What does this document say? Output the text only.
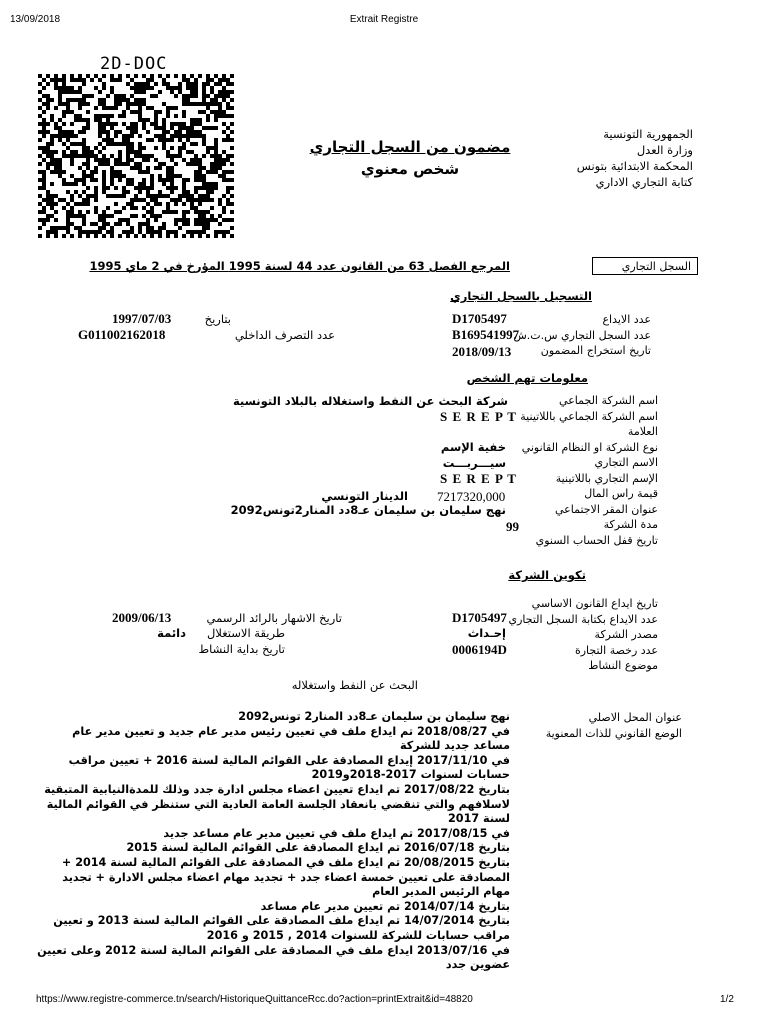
13/09/2018	Extrait Registre
https://www.registre-commerce.tn/search/HistoriqueQuittanceRcc.do?action=printExtrait&id=48820	1/2
2D-DOC
الجمهورية التونسية
وزارة العدل
المحكمة الابتدائية بتونس
كتابة التجاري الاداري
مضمون من السجل التجاري
شخص معنوي
السجل التجاري
المرجع الفصل 63 من القانون عدد 44 لسنة 1995 المؤرخ في 2 ماي 1995
التسجيل بالسجل التجاري
عدد الايداع
عدد السجل التجاري س.ت.ش
تاريخ استخراج المضمون
D1705497
B169541997
2018/09/13
بتاريخ
1997/07/03
عدد التصرف الداخلي
G011002162018
معلومات تهم الشخص
اسم الشركة الجماعي
اسم الشركة الجماعي باللاتينية
العلامة
نوع الشركة او النظام القانوني
الاسم التجاري
الإسم التجاري باللاتينية
قيمة راس المال
عنوان المقر الاجتماعي
مدة الشركة
تاريخ قفل الحساب السنوي
شركة البحث عن النفط واستغلاله بالبلاد التونسية
S E R E P T
خفية الإسم
سيـــربـــت
S E R E P T
7217320,000
الدينار التونسي
نهج سليمان بن سليمان عـ8دد المنار2تونس2092
99
تكوين الشركة
تاريخ ايداع القانون الاساسي
عدد الايداع بكتابة السجل التجاري
مصدر الشركة
عدد رخصة التجارة
موضوع النشاط
D1705497
إحـداث
0006194D
تاريخ الاشهار بالرائد الرسمي
2009/06/13
طريقة الاستغلال
دائمة
تاريخ بداية النشاط
البحث عن النفط واستغلاله
عنوان المحل الاصلي
الوضع القانوني للذات المعنوية
نهج سليمان بن سليمان عـ8دد المنار2 تونس2092
في 2018/08/27 تم ايداع ملف في تعيين رئيس مدير عام جديد و تعيين مدير عام مساعد جديد للشركة
في 2017/11/10 إيداع المصادقة على القوائم المالية لسنة 2016 + تعيين مراقب حسابات لسنوات 2017-2018و2019
بتاريخ 2017/08/22 تم ايداع تعيين اعضاء مجلس ادارة جدد وذلك للمدةالنيابية المتبقية لاسلافهم والتي تنقضي بانعقاد الجلسة العامة العادية التي ستنظر في القوائم المالية لسنة 2017
في 2017/08/15 تم ايداع ملف في تعيين مدير عام مساعد جديد
بتاريخ 2016/07/18 تم ايداع المصادقة على القوائم المالية لسنة 2015
بتاريخ 20/08/2015 تم ايداع ملف في المصادقة على القوائم المالية لسنة 2014 + المصادقة على تعيين خمسة اعضاء جدد + تجديد مهام اعضاء مجلس الادارة + تجديد مهام الرئيس المدير العام
بتاريخ 2014/07/14 تم تعيين مدير عام مساعد
بتاريخ 14/07/2014 تم ايداع ملف المصادقة على القوائم المالية لسنة 2013 و تعيين مراقب حسابات للشركة للسنوات 2014 , 2015 و 2016
في 2013/07/16 ايداع ملف في المصادقة على القوائم المالية لسنة 2012 وعلى تعيين عضوين جدد
